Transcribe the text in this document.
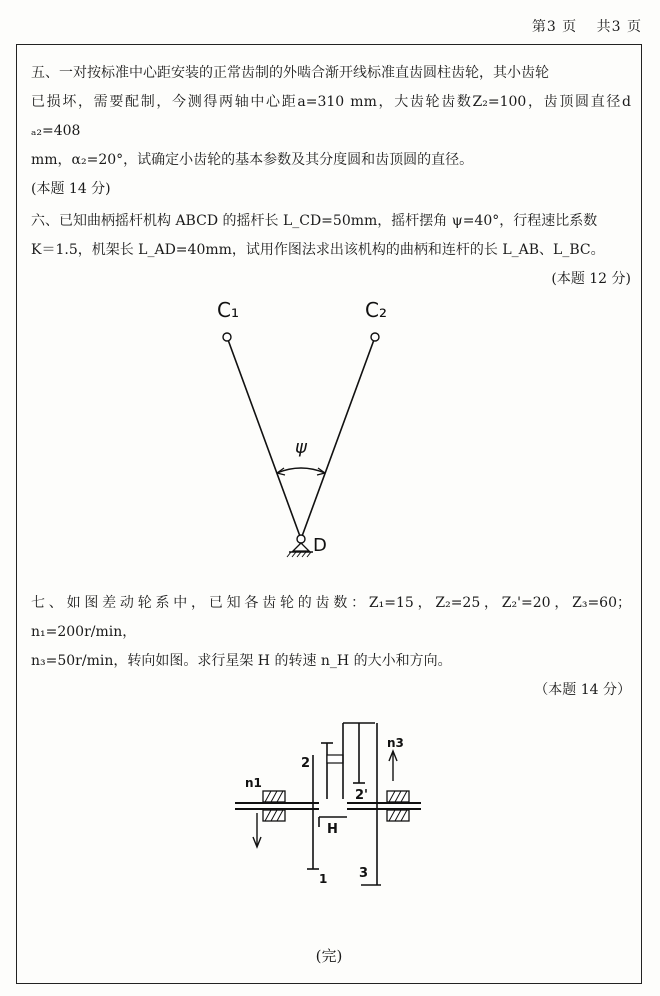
第3 页 共3 页

五、一对按标准中心距安装的正常齿制的外啮合渐开线标准直齿圆柱齿轮，其小齿轮

已损坏，需要配制，今测得两轴中心距a=310 mm，大齿轮齿数Z₂=100，齿顶圆直径d ₐ₂=408

mm，α₂=20°，试确定小齿轮的基本参数及其分度圆和齿顶圆的直径。

(本题 14 分)

六、已知曲柄摇杆机构 ABCD 的摇杆长 L_CD=50mm，摇杆摆角 ψ=40°，行程速比系数

K＝1.5，机架长 L_AD=40mm，试用作图法求出该机构的曲柄和连杆的长 L_AB、L_BC。

(本题 12 分)

C₁	C₂
ψ
D

七、如图差动轮系中，已知各齿轮的齿数：Z₁=15，Z₂=25，Z₂'=20，Z₃=60；n₁=200r/min，

n₃=50r/min，转向如图。求行星架 H 的转速 n_H 的大小和方向。

（本题 14 分）

2
n3
n1
2'
H
1 3
(完)
